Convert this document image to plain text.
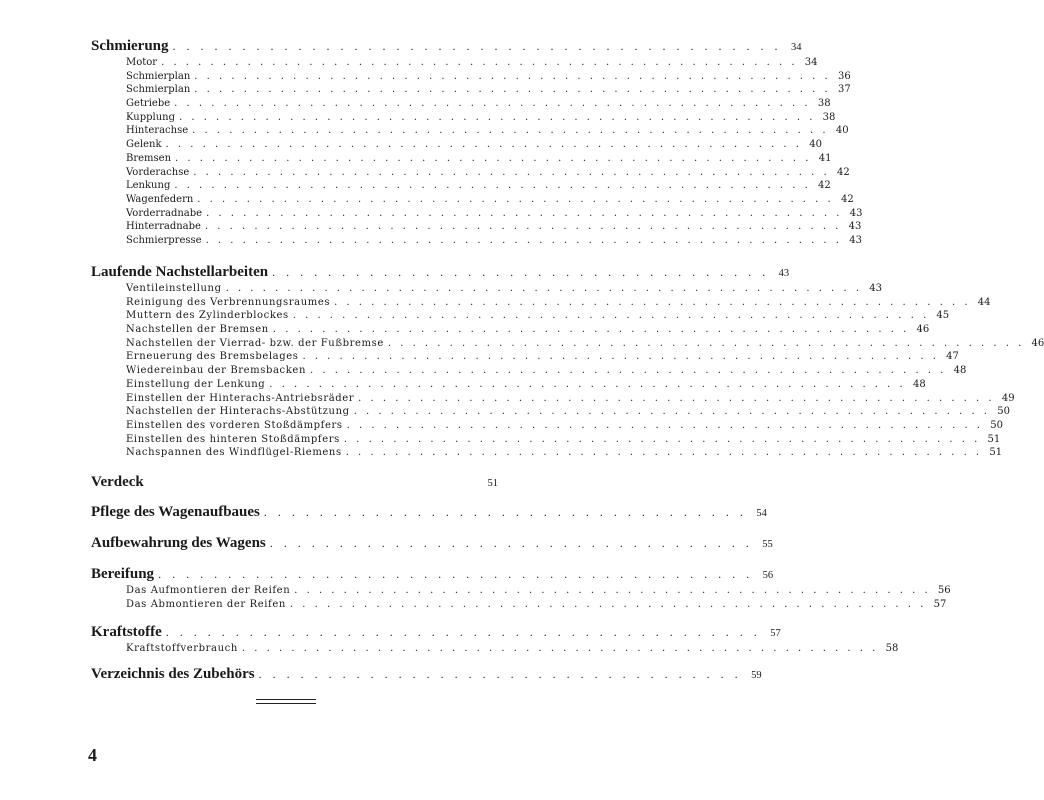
Schmierung . . . . . . . . . . . . . . . . . . . . . . . . . . . . . . . . . . . . . . . . . . . . 34
Motor . . . . . . . . . . . . . . . . . . . . . . . . . . . . . . . . . . . . . . . . . . . . . . . . . . . . 34
Schmierplan . . . . . . . . . . . . . . . . . . . . . . . . . . . . . . . . . . . . . . . . . . . . . . . . . . . . 36
Schmierplan . . . . . . . . . . . . . . . . . . . . . . . . . . . . . . . . . . . . . . . . . . . . . . . . . . . . 37
Getriebe . . . . . . . . . . . . . . . . . . . . . . . . . . . . . . . . . . . . . . . . . . . . . . . . . . . . 38
Kupplung . . . . . . . . . . . . . . . . . . . . . . . . . . . . . . . . . . . . . . . . . . . . . . . . . . . . 38
Hinterachse . . . . . . . . . . . . . . . . . . . . . . . . . . . . . . . . . . . . . . . . . . . . . . . . . . . . 40
Gelenk . . . . . . . . . . . . . . . . . . . . . . . . . . . . . . . . . . . . . . . . . . . . . . . . . . . . 40
Bremsen . . . . . . . . . . . . . . . . . . . . . . . . . . . . . . . . . . . . . . . . . . . . . . . . . . . . 41
Vorderachse . . . . . . . . . . . . . . . . . . . . . . . . . . . . . . . . . . . . . . . . . . . . . . . . . . . . 42
Lenkung . . . . . . . . . . . . . . . . . . . . . . . . . . . . . . . . . . . . . . . . . . . . . . . . . . . . 42
Wagenfedern . . . . . . . . . . . . . . . . . . . . . . . . . . . . . . . . . . . . . . . . . . . . . . . . . . . . 42
Vorderradnabe . . . . . . . . . . . . . . . . . . . . . . . . . . . . . . . . . . . . . . . . . . . . . . . . . . . . 43
Hinterradnabe . . . . . . . . . . . . . . . . . . . . . . . . . . . . . . . . . . . . . . . . . . . . . . . . . . . . 43
Schmierpresse . . . . . . . . . . . . . . . . . . . . . . . . . . . . . . . . . . . . . . . . . . . . . . . . . . . . 43
Laufende Nachstellarbeiten . . . . . . . . . . . . . . . . . . . . . . . . . . . . . . . . . . . . 43
Ventileinstellung . . . . . . . . . . . . . . . . . . . . . . . . . . . . . . . . . . . . . . . . . . . . . . . . . . . . 43
Reinigung des Verbrennungsraumes . . . . . . . . . . . . . . . . . . . . . . . . . . . . . . . . . . . . . . . . . . . . . . . . . . . . 44
Muttern des Zylinderblockes . . . . . . . . . . . . . . . . . . . . . . . . . . . . . . . . . . . . . . . . . . . . . . . . . . . . 45
Nachstellen der Bremsen . . . . . . . . . . . . . . . . . . . . . . . . . . . . . . . . . . . . . . . . . . . . . . . . . . . . 46
Nachstellen der Vierrad- bzw. der Fußbremse . . . . . . . . . . . . . . . . . . . . . . . . . . . . . . . . . . . . . . . . . . . . . . . . . . . . 46
Erneuerung des Bremsbelages . . . . . . . . . . . . . . . . . . . . . . . . . . . . . . . . . . . . . . . . . . . . . . . . . . . . 47
Wiedereinbau der Bremsbacken . . . . . . . . . . . . . . . . . . . . . . . . . . . . . . . . . . . . . . . . . . . . . . . . . . . . 48
Einstellung der Lenkung . . . . . . . . . . . . . . . . . . . . . . . . . . . . . . . . . . . . . . . . . . . . . . . . . . . . 48
Einstellen der Hinterachs-Antriebsräder . . . . . . . . . . . . . . . . . . . . . . . . . . . . . . . . . . . . . . . . . . . . . . . . . . . . 49
Nachstellen der Hinterachs-Abstützung . . . . . . . . . . . . . . . . . . . . . . . . . . . . . . . . . . . . . . . . . . . . . . . . . . . . 50
Einstellen des vorderen Stoßdämpfers . . . . . . . . . . . . . . . . . . . . . . . . . . . . . . . . . . . . . . . . . . . . . . . . . . . . 50
Einstellen des hinteren Stoßdämpfers . . . . . . . . . . . . . . . . . . . . . . . . . . . . . . . . . . . . . . . . . . . . . . . . . . . . 51
Nachspannen des Windflügel-Riemens . . . . . . . . . . . . . . . . . . . . . . . . . . . . . . . . . . . . . . . . . . . . . . . . . . . . 51
Verdeck	51
Pflege des Wagenaufbaues . . . . . . . . . . . . . . . . . . . . . . . . . . . . . . . . . . . 54
Aufbewahrung des Wagens . . . . . . . . . . . . . . . . . . . . . . . . . . . . . . . . . . . 55
Bereifung . . . . . . . . . . . . . . . . . . . . . . . . . . . . . . . . . . . . . . . . . . . 56
Das Aufmontieren der Reifen . . . . . . . . . . . . . . . . . . . . . . . . . . . . . . . . . . . . . . . . . . . . . . . . . . . . 56
Das Abmontieren der Reifen . . . . . . . . . . . . . . . . . . . . . . . . . . . . . . . . . . . . . . . . . . . . . . . . . . . . 57
Kraftstoffe . . . . . . . . . . . . . . . . . . . . . . . . . . . . . . . . . . . . . . . . . . . 57
Kraftstoffverbrauch . . . . . . . . . . . . . . . . . . . . . . . . . . . . . . . . . . . . . . . . . . . . . . . . . . . . 58
Verzeichnis des Zubehörs . . . . . . . . . . . . . . . . . . . . . . . . . . . . . . . . . . . 59
4
